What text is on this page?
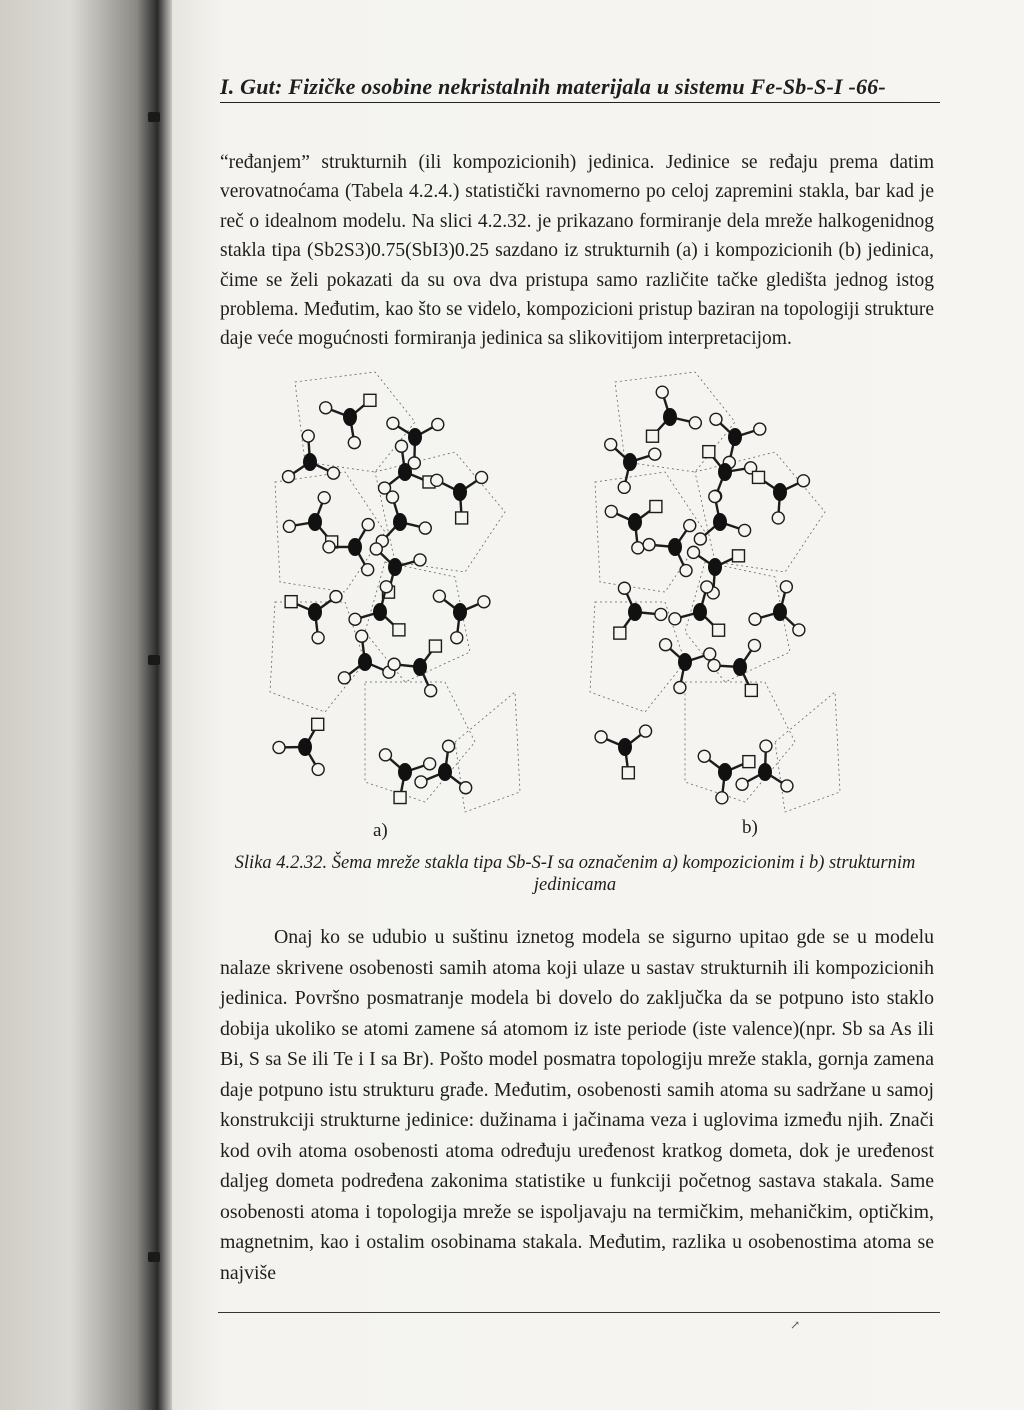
I. Gut: Fizičke osobine nekristalnih materijala u sistemu Fe-Sb-S-I -66-
“ređanjem” strukturnih (ili kompozicionih) jedinica. Jedinice se ređaju prema datim verovatnoćama (Tabela 4.2.4.) statistički ravnomerno po celoj zapremini stakla, bar kad je reč o idealnom modelu. Na slici 4.2.32. je prikazano formiranje dela mreže halkogenidnog stakla tipa (Sb2S3)0.75(SbI3)0.25 sazdano iz strukturnih (a) i kompozicionih (b) jedinica, čime se želi pokazati da su ova dva pristupa samo različite tačke gledišta jednog istog problema. Međutim, kao što se videlo, kompozicioni pristup baziran na topologiji strukture daje veće mogućnosti formiranja jedinica sa slikovitijom interpretacijom.
a)	b)
Slika 4.2.32. Šema mreže stakla tipa Sb-S-I sa označenim a) kompozicionim i b) strukturnim jedinicama
Onaj ko se udubio u suštinu iznetog modela se sigurno upitao gde se u modelu nalaze skrivene osobenosti samih atoma koji ulaze u sastav strukturnih ili kompozicionih jedinica. Površno posmatranje modela bi dovelo do zaključka da se potpuno isto staklo dobija ukoliko se atomi zamene sá atomom iz iste periode (iste valence)(npr. Sb sa As ili Bi, S sa Se ili Te i I sa Br). Pošto model posmatra topologiju mreže stakla, gornja zamena daje potpuno istu strukturu građe. Međutim, osobenosti samih atoma su sadržane u samoj konstrukciji strukturne jedinice: dužinama i jačinama veza i uglovima između njih. Znači kod ovih atoma osobenosti atoma određuju uređenost kratkog dometa, dok je uređenost daljeg dometa podređena zakonima statistike u funkciji početnog sastava stakala. Same osobenosti atoma i topologija mreže se ispoljavaju na termičkim, mehaničkim, optičkim, magnetnim, kao i ostalim osobinama stakala. Međutim, razlika u osobenostima atoma se najviše
↗
